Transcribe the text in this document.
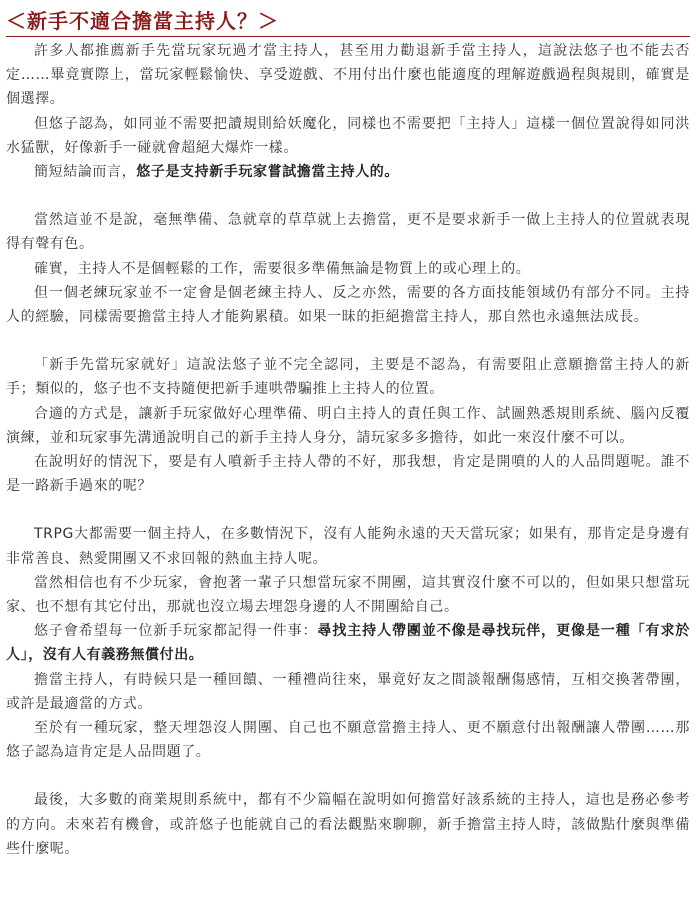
＜新手不適合擔當主持人？＞

許多人都推薦新手先當玩家玩過才當主持人，甚至用力勸退新手當主持人，這說法悠子也不能去否定……畢竟實際上，當玩家輕鬆愉快、享受遊戲、不用付出什麼也能適度的理解遊戲過程與規則，確實是個選擇。

但悠子認為，如同並不需要把讀規則給妖魔化，同樣也不需要把「主持人」這樣一個位置說得如同洪水猛獸，好像新手一碰就會超絕大爆炸一樣。

簡短結論而言，悠子是支持新手玩家嘗試擔當主持人的。

當然這並不是說，毫無準備、急就章的草草就上去擔當，更不是要求新手一做上主持人的位置就表現得有聲有色。

確實，主持人不是個輕鬆的工作，需要很多準備無論是物質上的或心理上的。

但一個老練玩家並不一定會是個老練主持人、反之亦然，需要的各方面技能領域仍有部分不同。主持人的經驗，同樣需要擔當主持人才能夠累積。如果一昧的拒絕擔當主持人，那自然也永遠無法成長。

「新手先當玩家就好」這說法悠子並不完全認同，主要是不認為，有需要阻止意願擔當主持人的新手；類似的，悠子也不支持隨便把新手連哄帶騙推上主持人的位置。

合適的方式是，讓新手玩家做好心理準備、明白主持人的責任與工作、試圖熟悉規則系統、腦內反覆演練，並和玩家事先溝通說明自己的新手主持人身分，請玩家多多擔待，如此一來沒什麼不可以。

在說明好的情況下，要是有人噴新手主持人帶的不好，那我想，肯定是開噴的人的人品問題呢。誰不是一路新手過來的呢？

TRPG大都需要一個主持人，在多數情況下，沒有人能夠永遠的天天當玩家；如果有，那肯定是身邊有非常善良、熱愛開團又不求回報的熱血主持人呢。

當然相信也有不少玩家，會抱著一輩子只想當玩家不開團，這其實沒什麼不可以的，但如果只想當玩家、也不想有其它付出，那就也沒立場去埋怨身邊的人不開團給自己。

悠子會希望每一位新手玩家都記得一件事：尋找主持人帶團並不像是尋找玩伴，更像是一種「有求於人」，沒有人有義務無償付出。

擔當主持人，有時候只是一種回饋、一種禮尚往來，畢竟好友之間談報酬傷感情，互相交換著帶團，或許是最適當的方式。

至於有一種玩家，整天埋怨沒人開團、自己也不願意當擔主持人、更不願意付出報酬讓人帶團……那悠子認為這肯定是人品問題了。

最後，大多數的商業規則系統中，都有不少篇幅在說明如何擔當好該系統的主持人，這也是務必參考的方向。未來若有機會，或許悠子也能就自己的看法觀點來聊聊，新手擔當主持人時，該做點什麼與準備些什麼呢。
